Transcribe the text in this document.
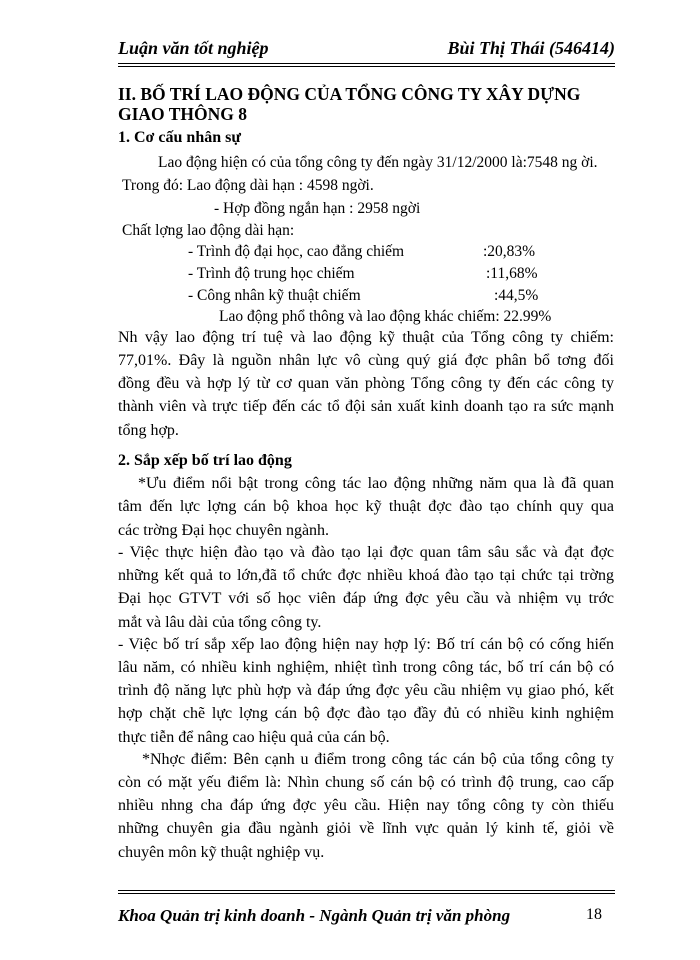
Luận văn tốt nghiệp	Bùi Thị Thái (546414)
II. BỐ TRÍ LAO ĐỘNG CỦA TỔNG CÔNG TY XÂY DỰNG GIAO THÔNG 8
1. Cơ cấu nhân sự
Lao động hiện có của tổng công ty đến ngày 31/12/2000 là:7548 ng ời.
Trong đó: Lao động dài hạn : 4598 ngời.
- Hợp đồng ngắn hạn : 2958 ngời
Chất lợng lao động dài hạn:
- Trình độ đại học, cao đẳng chiếm	:20,83%
- Trình độ trung học chiếm	:11,68%
- Công nhân kỹ thuật chiếm	:44,5%
Lao động phổ thông và lao động khác chiếm: 22.99%
Nh vậy lao động trí tuệ và lao động kỹ thuật của Tổng công ty chiếm:
77,01%. Đây là nguồn nhân lực vô cùng quý giá đợc phân bổ tơng đối
đồng đều và hợp lý từ cơ quan văn phòng Tổng công ty đến các công ty
thành viên và trực tiếp đến các tổ đội sản xuất kinh doanh tạo ra sức mạnh
tổng hợp.
2. Sắp xếp bố trí lao động
*Ưu điểm nổi bật trong công tác lao động những năm qua là đã quan
tâm đến lực lợng cán bộ khoa học kỹ thuật đợc đào tạo chính quy qua
các trờng Đại học chuyên ngành.
- Việc thực hiện đào tạo và đào tạo lại đợc quan tâm sâu sắc và đạt đợc
những kết quả to lớn,đã tổ chức đợc nhiều khoá đào tạo tại chức tại trờng
Đại học GTVT với số học viên đáp ứng đợc yêu cầu và nhiệm vụ trớc
mắt và lâu dài của tổng công ty.
- Việc bố trí sắp xếp lao động hiện nay hợp lý: Bố trí cán bộ có cống hiến
lâu năm, có nhiều kinh nghiệm, nhiệt tình trong công tác, bố trí cán bộ có
trình độ năng lực phù hợp và đáp ứng đợc yêu cầu nhiệm vụ giao phó, kết
hợp chặt chẽ lực lợng cán bộ đợc đào tạo đầy đủ có nhiều kinh nghiệm
thực tiễn để nâng cao hiệu quả của cán bộ.
*Nhợc điểm: Bên cạnh u điểm trong công tác cán bộ của tổng công ty
còn có mặt yếu điểm là: Nhìn chung số cán bộ có trình độ trung, cao cấp
nhiều nhng cha đáp ứng đợc yêu cầu. Hiện nay tổng công ty còn thiếu
những chuyên gia đầu ngành giỏi về lĩnh vực quản lý kinh tế, giỏi về
chuyên môn kỹ thuật nghiệp vụ.
Khoa Quản trị kinh doanh - Ngành Quản trị văn phòng	18
